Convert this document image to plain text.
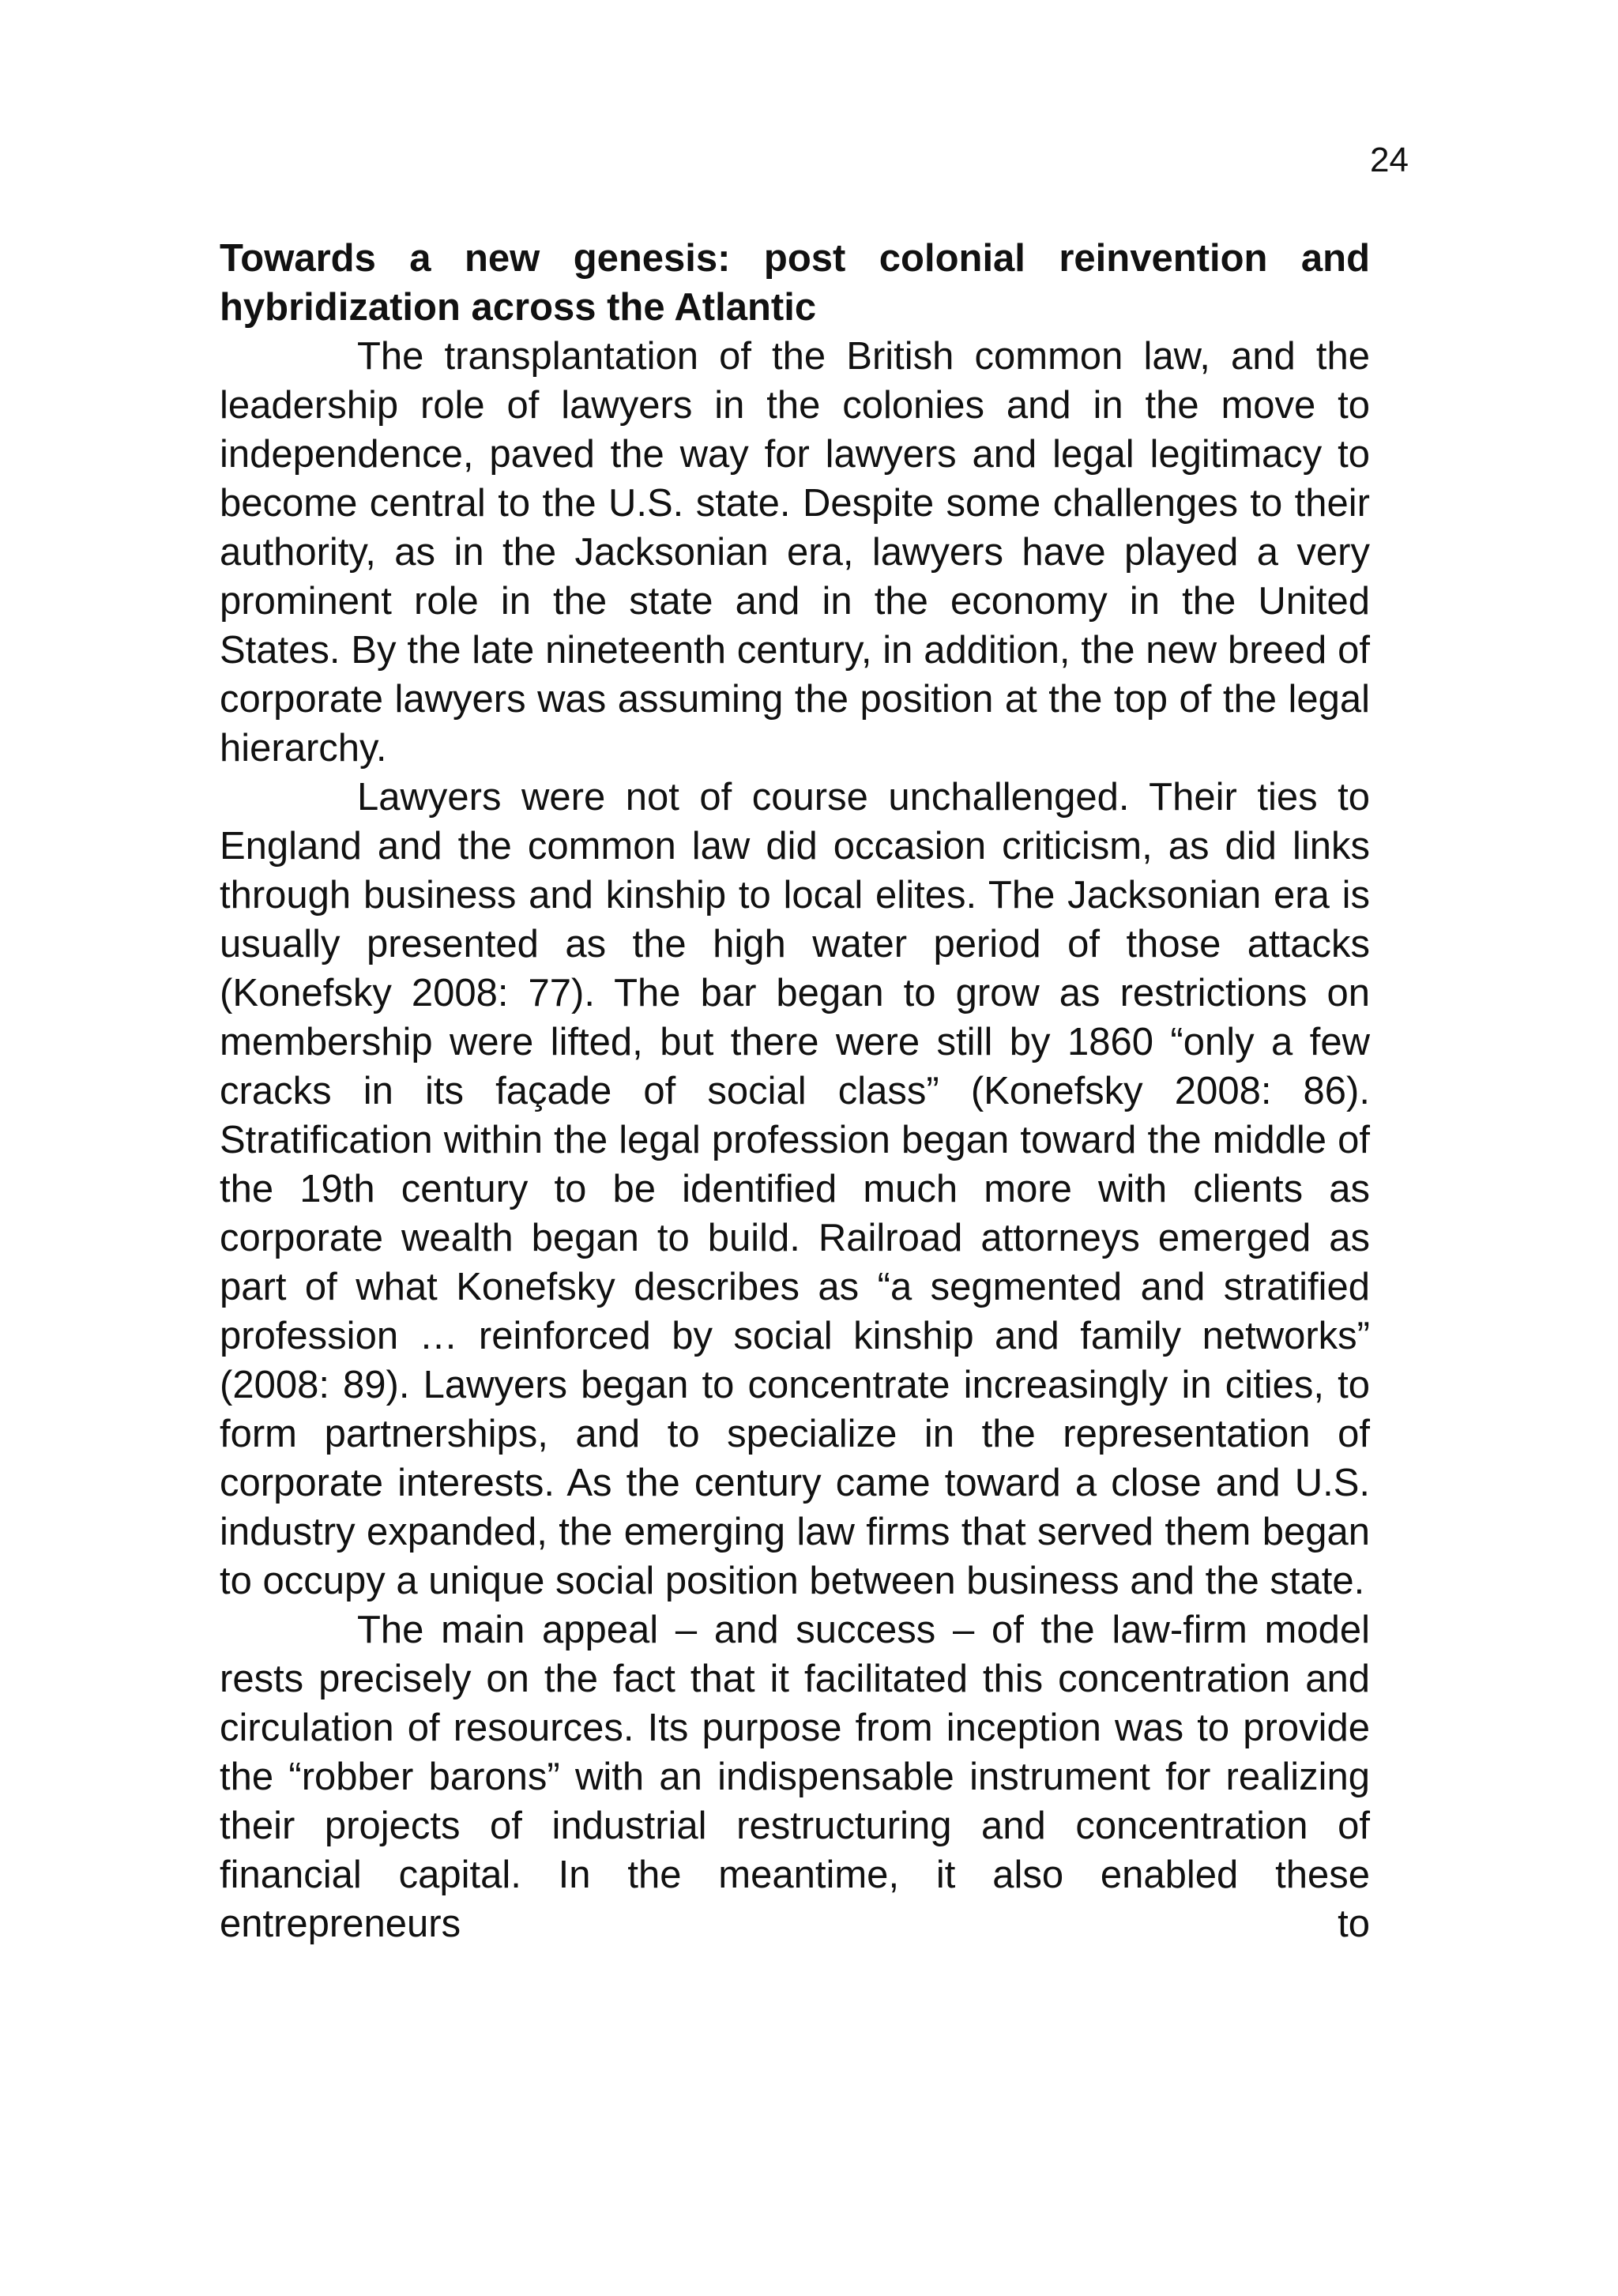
24

Towards a new genesis: post colonial reinvention and hybridization across the Atlantic

The transplantation of the British common law, and the leadership role of lawyers in the colonies and in the move to independence, paved the way for lawyers and legal legitimacy to become central to the U.S. state. Despite some challenges to their authority, as in the Jacksonian era, lawyers have played a very prominent role in the state and in the economy in the United States. By the late nineteenth century, in addition, the new breed of corporate lawyers was assuming the position at the top of the legal hierarchy.

Lawyers were not of course unchallenged. Their ties to England and the common law did occasion criticism, as did links through business and kinship to local elites. The Jacksonian era is usually presented as the high water period of those attacks (Konefsky 2008: 77). The bar began to grow as restrictions on membership were lifted, but there were still by 1860 “only a few cracks in its façade of social class” (Konefsky 2008: 86). Stratification within the legal profession began toward the middle of the 19th century to be identified much more with clients as corporate wealth began to build. Railroad attorneys emerged as part of what Konefsky describes as “a segmented and stratified profession … reinforced by social kinship and family networks” (2008: 89). Lawyers began to concentrate increasingly in cities, to form partnerships, and to specialize in the representation of corporate interests. As the century came toward a close and U.S. industry expanded, the emerging law firms that served them began to occupy a unique social position between business and the state.

The main appeal – and success – of the law-firm model rests precisely on the fact that it facilitated this concentration and circulation of resources. Its purpose from inception was to provide the “robber barons” with an indispensable instrument for realizing their projects of industrial restructuring and concentration of financial capital. In the meantime, it also enabled these entrepreneurs to
